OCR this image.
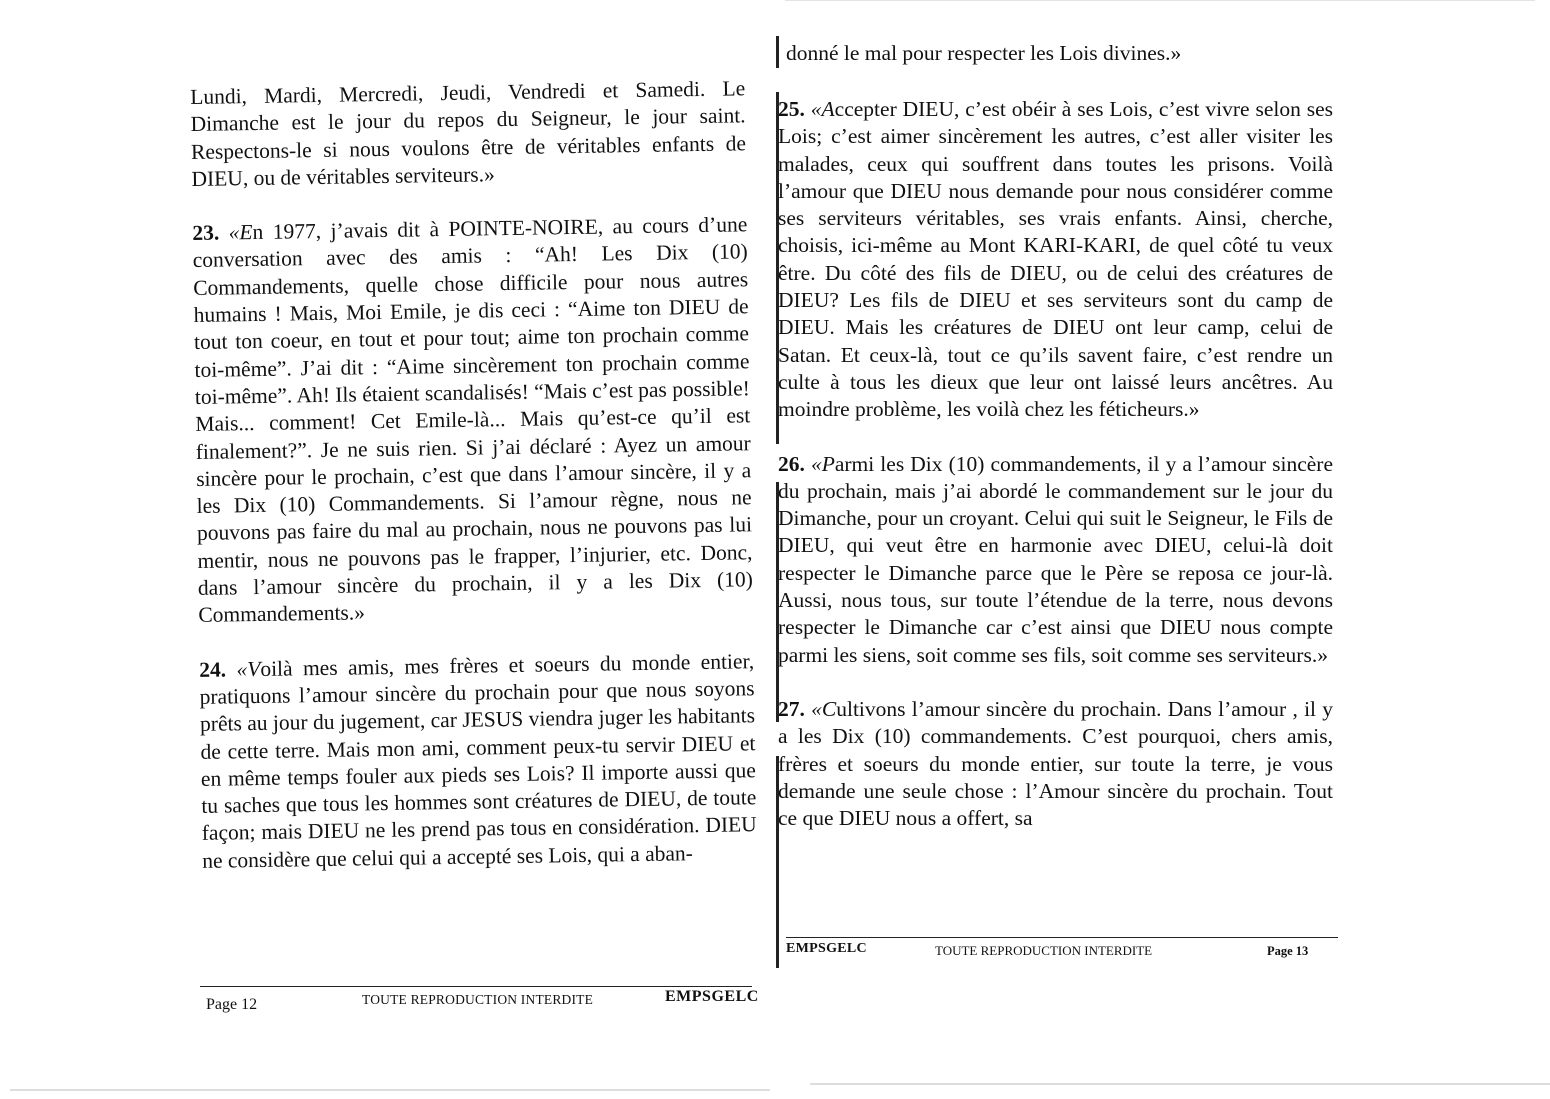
Lundi, Mardi, Mercredi, Jeudi, Vendredi et Samedi. Le Dimanche est le jour du repos du Seigneur, le jour saint. Respectons-le si nous voulons être de véritables enfants de DIEU, ou de véritables serviteurs.»

23. «En 1977, j’avais dit à POINTE-NOIRE, au cours d’une conversation avec des amis : “Ah! Les Dix (10) Commandements, quelle chose difficile pour nous autres humains ! Mais, Moi Emile, je dis ceci : “Aime ton DIEU de tout ton coeur, en tout et pour tout; aime ton prochain comme toi-même”. J’ai dit : “Aime sincèrement ton prochain comme toi-même”. Ah! Ils étaient scandalisés! “Mais c’est pas possible! Mais... comment! Cet Emile-là... Mais qu’est-ce qu’il est finalement?”. Je ne suis rien. Si j’ai déclaré : Ayez un amour sincère pour le prochain, c’est que dans l’amour sincère, il y a les Dix (10) Commandements. Si l’amour règne, nous ne pouvons pas faire du mal au prochain, nous ne pouvons pas lui mentir, nous ne pouvons pas le frapper, l’injurier, etc. Donc, dans l’amour sincère du prochain, il y a les Dix (10) Commandements.»

24. «Voilà mes amis, mes frères et soeurs du monde entier, pratiquons l’amour sincère du prochain pour que nous soyons prêts au jour du jugement, car JESUS viendra juger les habitants de cette terre. Mais mon ami, comment peux-tu servir DIEU et en même temps fouler aux pieds ses Lois? Il importe aussi que tu saches que tous les hommes sont créatures de DIEU, de toute façon; mais DIEU ne les prend pas tous en considération. DIEU ne considère que celui qui a accepté ses Lois, qui a aban-

Page 12	TOUTE REPRODUCTION INTERDITE	EMPSGELC
donné le mal pour respecter les Lois divines.»

25. «Accepter DIEU, c’est obéir à ses Lois, c’est vivre selon ses Lois; c’est aimer sincèrement les autres, c’est aller visiter les malades, ceux qui souffrent dans toutes les prisons. Voilà l’amour que DIEU nous demande pour nous considérer comme ses serviteurs véritables, ses vrais enfants. Ainsi, cherche, choisis, ici-même au Mont KARI-KARI, de quel côté tu veux être. Du côté des fils de DIEU, ou de celui des créatures de DIEU? Les fils de DIEU et ses serviteurs sont du camp de DIEU. Mais les créatures de DIEU ont leur camp, celui de Satan. Et ceux-là, tout ce qu’ils savent faire, c’est rendre un culte à tous les dieux que leur ont laissé leurs ancêtres. Au moindre problème, les voilà chez les féticheurs.»

26. «Parmi les Dix (10) commandements, il y a l’amour sincère du prochain, mais j’ai abordé le commandement sur le jour du Dimanche, pour un croyant. Celui qui suit le Seigneur, le Fils de DIEU, qui veut être en harmonie avec DIEU, celui-là doit respecter le Dimanche parce que le Père se reposa ce jour-là. Aussi, nous tous, sur toute l’étendue de la terre, nous devons respecter le Dimanche car c’est ainsi que DIEU nous compte parmi les siens, soit comme ses fils, soit comme ses serviteurs.»

27. «Cultivons l’amour sincère du prochain. Dans l’amour , il y a les Dix (10) commandements. C’est pourquoi, chers amis, frères et soeurs du monde entier, sur toute la terre, je vous demande une seule chose : l’Amour sincère du prochain. Tout ce que DIEU nous a offert, sa

EMPSGELC	TOUTE REPRODUCTION INTERDITE	Page 13
